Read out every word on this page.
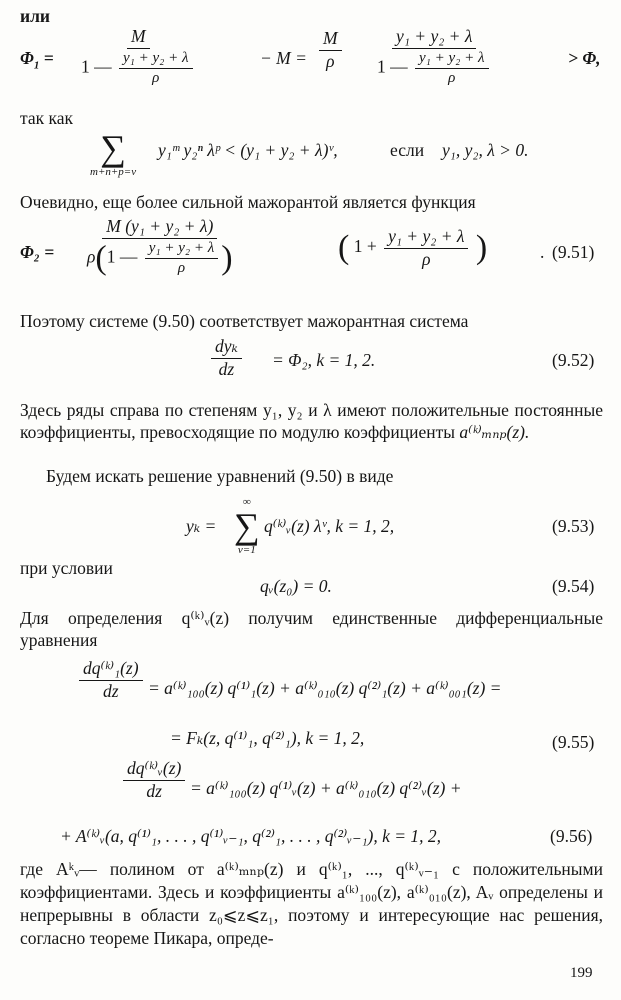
или
$\Phi_1 = \frac{M}{1 — \frac{\text{y₁ + y₂ + λ}}{\rho}}$	− $M = \frac{M}{\rho} \frac{\text{y₁ + y₂ + λ}}{1 — \frac{\text{y₁ + y₂ + λ}}{\rho}}$	> Φ,
так как
∑
m+n+p=ν
y₁ᵐ y₂ⁿ λᵖ < (y₁ + y₂ + λ)ᵛ,	если y₁, y₂, λ > 0.
Очевидно, еще более сильной мажорантой является функция
$\Phi_2 = \frac{\text{M (y₁ + y₂ + λ)}}{\rho(1 — \frac{\text{y₁ + y₂ + λ}}{\rho} )}$	( $1 + \frac{\text{y₁ + y₂ + λ}}{\rho}$ )	. (9.51)
Поэтому системе (9.50) соответствует мажорантная система
$\frac{\text{dyₖ}}{dz} = \Phi_2$, k = 1, 2.	(9.52)
Здесь ряды справа по степеням y₁, y₂ и λ имеют положительные постоянные коэффициенты, превосходящие по модулю коэффициенты a⁽ᵏ⁾ₘₙₚ(z).
Будем искать решение уравнений (9.50) в виде
yₖ =
∞
∑
ν=1
q⁽ᵏ⁾ᵥ(z) λᵛ, k = 1, 2,	(9.53)
при условии
qᵥ(z₀) = 0.	(9.54)
Для определения q⁽ᵏ⁾ᵥ(z) получим единственные дифференциальные уравнения
$\frac{\text{dq⁽ᵏ⁾₁(z)}}{dz}$ = a⁽ᵏ⁾₁₀₀(z) q⁽¹⁾₁(z) + a⁽ᵏ⁾₀₁₀(z) q⁽²⁾₁(z) + a⁽ᵏ⁾₀₀₁(z) =
= Fₖ(z, q⁽¹⁾₁, q⁽²⁾₁), k = 1, 2,	(9.55)
$\frac{\text{dq⁽ᵏ⁾ᵥ(z)}}{dz}$ = a⁽ᵏ⁾₁₀₀(z) q⁽¹⁾ᵥ(z) + a⁽ᵏ⁾₀₁₀(z) q⁽²⁾ᵥ(z) +
+ A⁽ᵏ⁾ᵥ(a, q⁽¹⁾₁, . . . , q⁽¹⁾ᵥ₋₁, q⁽²⁾₁, . . . , q⁽²⁾ᵥ₋₁), k = 1, 2,	(9.56)
где Aᵏᵥ— полином от a⁽ᵏ⁾ₘₙₚ(z) и q⁽ᵏ⁾₁, ..., q⁽ᵏ⁾ᵥ₋₁ с положительными коэффициентами. Здесь и коэффициенты a⁽ᵏ⁾₁₀₀(z), a⁽ᵏ⁾₀₁₀(z), Aᵥ определены и непрерывны в области z₀⩽z⩽z₁, поэтому и интересующие нас решения, согласно теореме Пикара, опреде-
199
